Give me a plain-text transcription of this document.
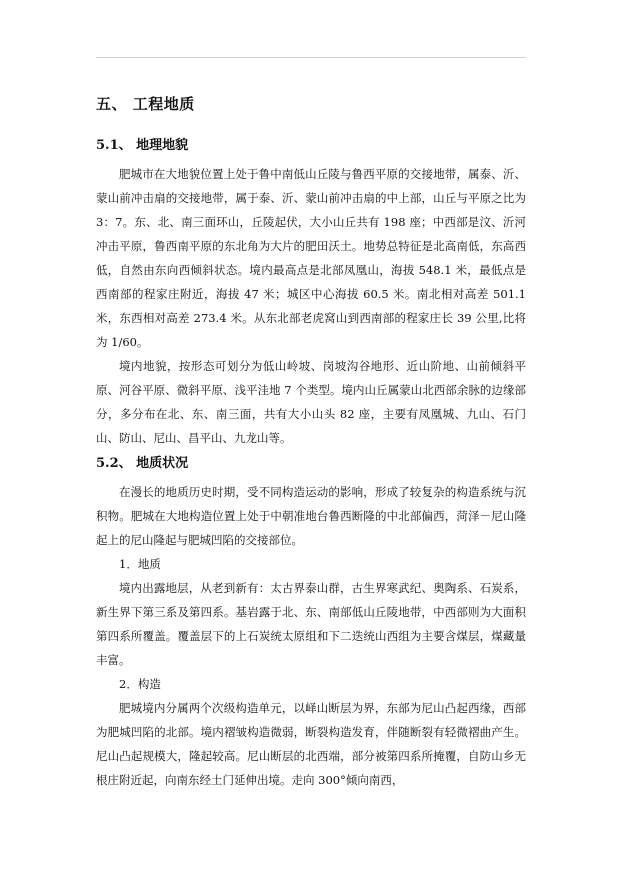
五、 工程地质
5.1、 地理地貌

肥城市在大地貌位置上处于鲁中南低山丘陵与鲁西平原的交接地带，属泰、沂、蒙山前冲击扇的交接地带，属于泰、沂、蒙山前冲击扇的中上部，山丘与平原之比为 3：7。东、北、南三面环山，丘陵起伏，大小山丘共有 198 座；中西部是汶、沂河冲击平原，鲁西南平原的东北角为大片的肥田沃土。地势总特征是北高南低，东高西低，自然由东向西倾斜状态。境内最高点是北部凤凰山，海拔 548.1 米，最低点是西南部的程家庄附近，海拔 47 米；城区中心海拔 60.5 米。南北相对高差 501.1 米，东西相对高差 273.4 米。从东北部老虎窝山到西南部的程家庄长 39 公里,比将为 1/60。

境内地貌，按形态可划分为低山岭坡、岗坡沟谷地形、近山阶地、山前倾斜平原、河谷平原、微斜平原、浅平洼地 7 个类型。境内山丘属蒙山北西部余脉的边缘部分，多分布在北、东、南三面，共有大小山头 82 座，主要有凤凰城、九山、石门山、防山、尼山、昌平山、九龙山等。

5.2、 地质状况

在漫长的地质历史时期，受不同构造运动的影响，形成了较复杂的构造系统与沉积物。肥城在大地构造位置上处于中朝准地台鲁西断隆的中北部偏西，菏泽－尼山隆起上的尼山隆起与肥城凹陷的交接部位。

1．地质

境内出露地层，从老到新有：太古界泰山群，古生界寒武纪、奥陶系、石炭系，新生界下第三系及第四系。基岩露于北、东、南部低山丘陵地带，中西部则为大面积第四系所覆盖。覆盖层下的上石炭统太原组和下二迭统山西组为主要含煤层，煤藏量丰富。

2．构造

肥城境内分属两个次级构造单元，以峄山断层为界，东部为尼山凸起西缘，西部为肥城凹陷的北部。境内褶皱构造微弱，断裂构造发育，伴随断裂有轻微褶曲产生。尼山凸起规模大，隆起较高。尼山断层的北西端，部分被第四系所掩覆，自防山乡无根庄附近起，向南东经土门延伸出境。走向 300°倾向南西，
